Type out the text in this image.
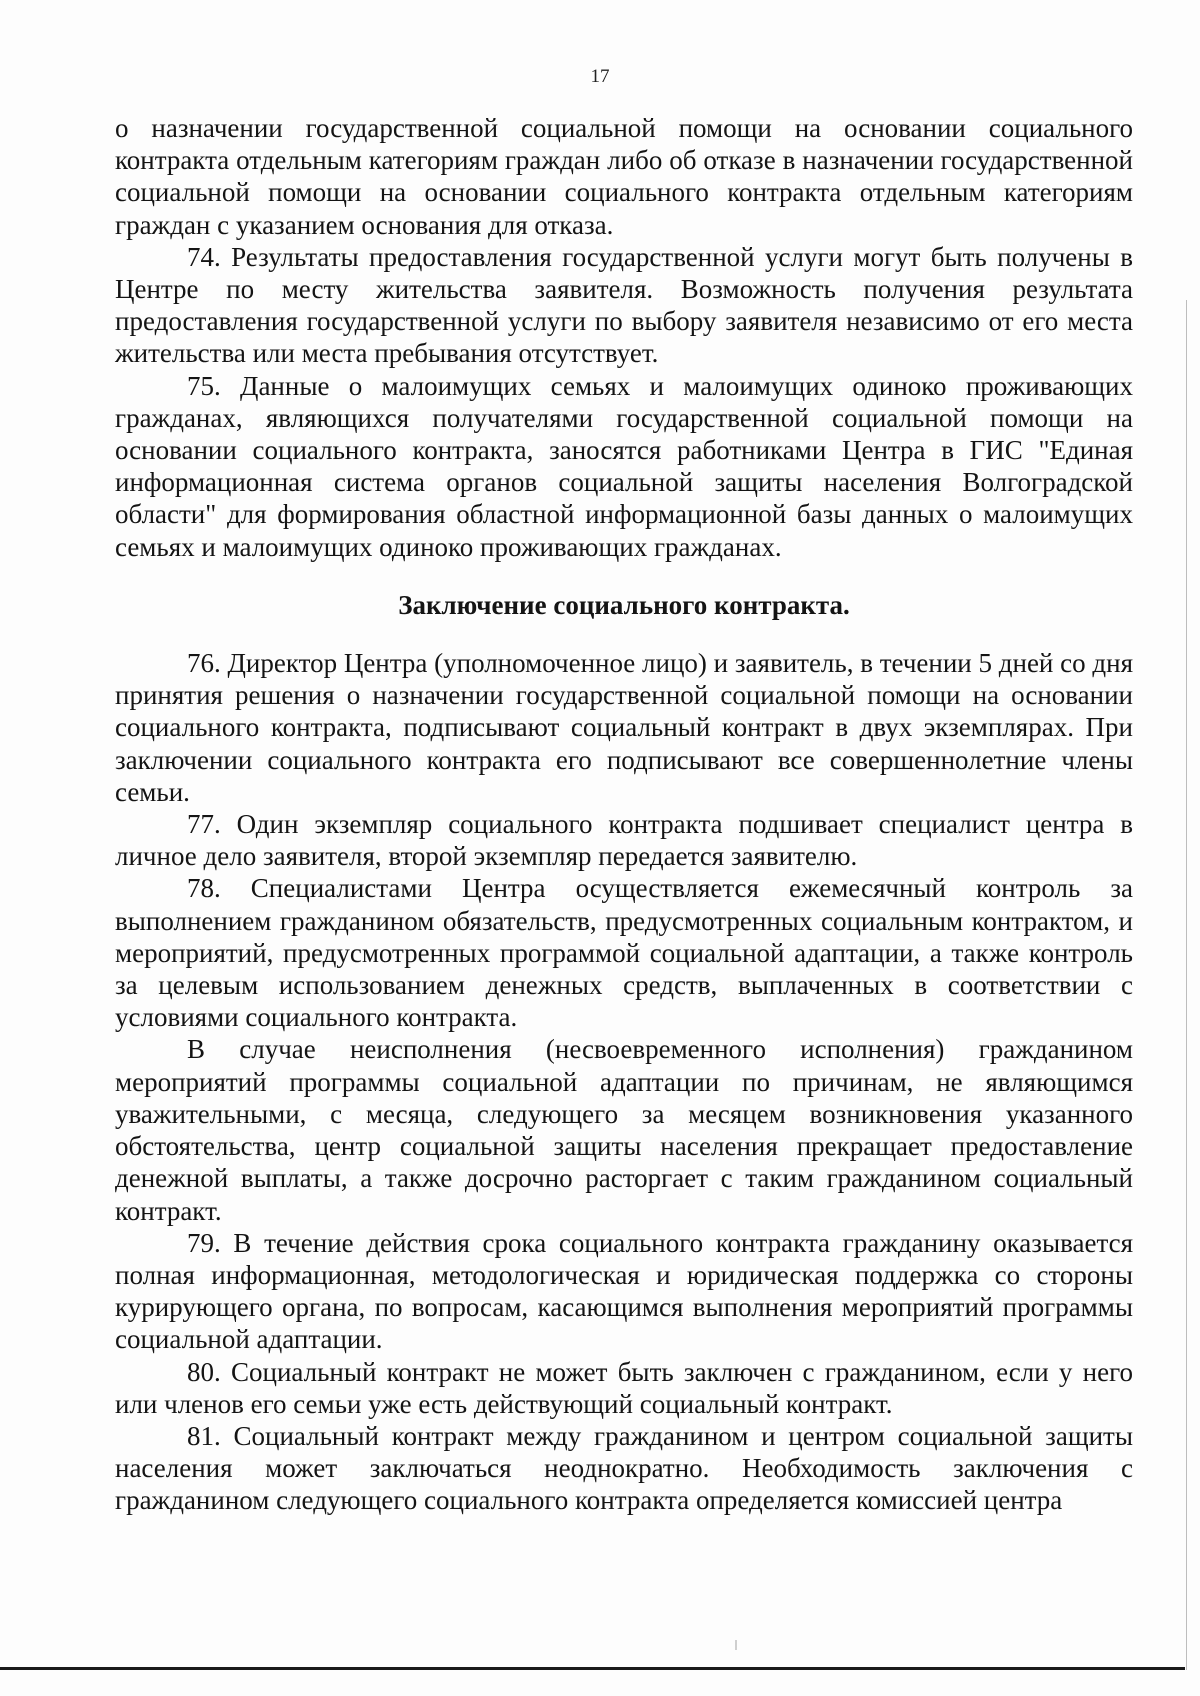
17

о назначении государственной социальной помощи на основании социального контракта отдельным категориям граждан либо об отказе в назначении государственной социальной помощи на основании социального контракта отдельным категориям граждан с указанием основания для отказа.

74. Результаты предоставления государственной услуги могут быть получены в Центре по месту жительства заявителя. Возможность получения результата предоставления государственной услуги по выбору заявителя независимо от его места жительства или места пребывания отсутствует.

75. Данные о малоимущих семьях и малоимущих одиноко проживающих гражданах, являющихся получателями государственной социальной помощи на основании социального контракта, заносятся работниками Центра в ГИС "Единая информационная система органов социальной защиты населения Волгоградской области" для формирования областной информационной базы данных о малоимущих семьях и малоимущих одиноко проживающих гражданах.

Заключение социального контракта.

76. Директор Центра (уполномоченное лицо) и заявитель, в течении 5 дней со дня принятия решения о назначении государственной социальной помощи на основании социального контракта, подписывают социальный контракт в двух экземплярах. При заключении социального контракта его подписывают все совершеннолетние члены семьи.

77. Один экземпляр социального контракта подшивает специалист центра в личное дело заявителя, второй экземпляр передается заявителю.

78. Специалистами Центра осуществляется ежемесячный контроль за выполнением гражданином обязательств, предусмотренных социальным контрактом, и мероприятий, предусмотренных программой социальной адаптации, а также контроль за целевым использованием денежных средств, выплаченных в соответствии с условиями социального контракта.

В случае неисполнения (несвоевременного исполнения) гражданином мероприятий программы социальной адаптации по причинам, не являющимся уважительными, с месяца, следующего за месяцем возникновения указанного обстоятельства, центр социальной защиты населения прекращает предоставление денежной выплаты, а также досрочно расторгает с таким гражданином социальный контракт.

79. В течение действия срока социального контракта гражданину оказывается полная информационная, методологическая и юридическая поддержка со стороны курирующего органа, по вопросам, касающимся выполнения мероприятий программы социальной адаптации.

80. Социальный контракт не может быть заключен с гражданином, если у него или членов его семьи уже есть действующий социальный контракт.

81. Социальный контракт между гражданином и центром социальной защиты населения может заключаться неоднократно. Необходимость заключения с гражданином следующего социального контракта определяется комиссией центра
